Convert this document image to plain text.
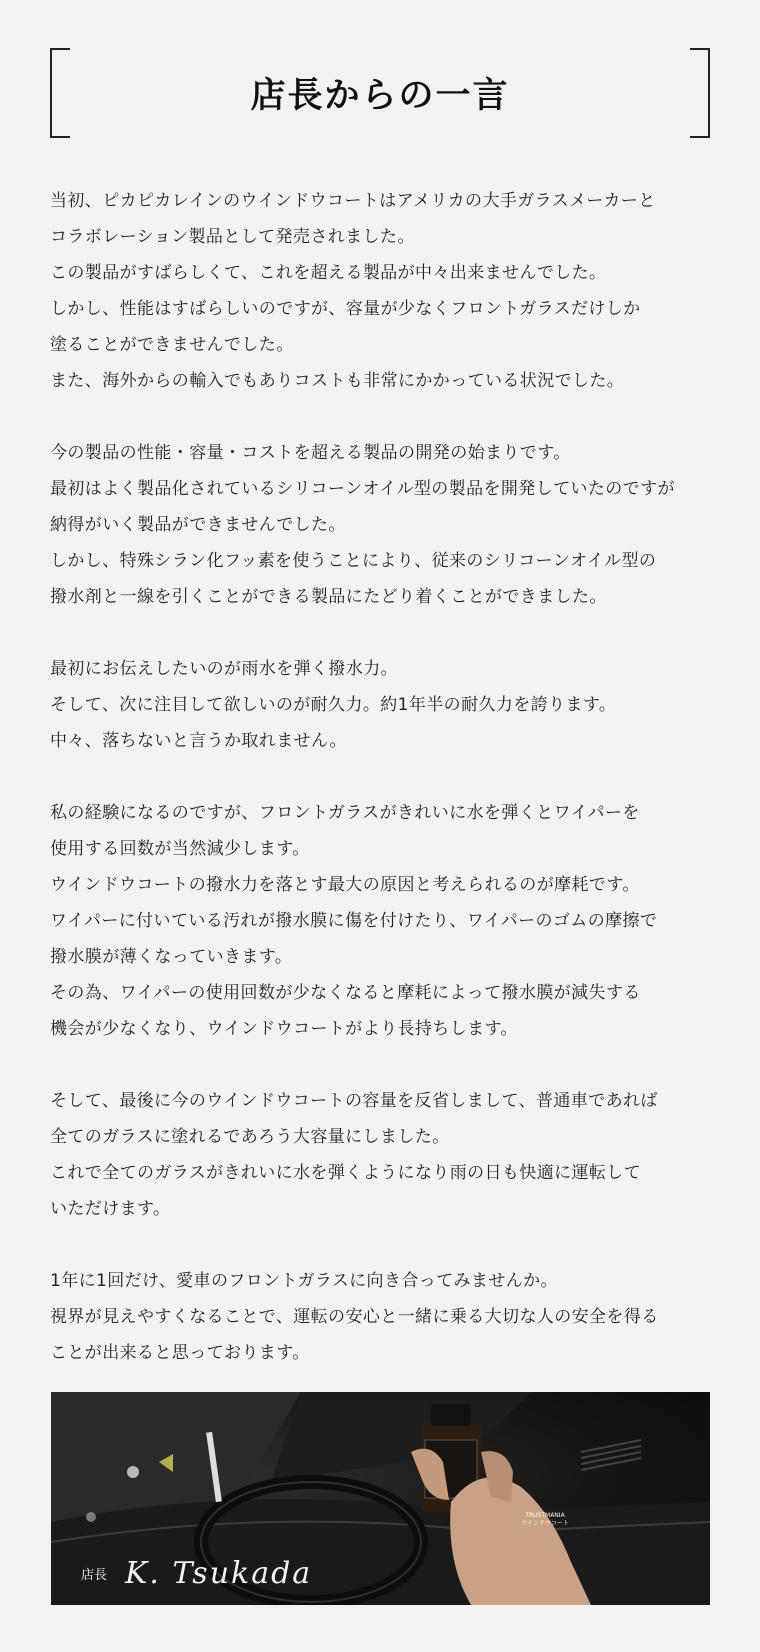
店長からの一言
当初、ピカピカレインのウインドウコートはアメリカの大手ガラスメーカーと
コラボレーション製品として発売されました。
この製品がすばらしくて、これを超える製品が中々出来ませんでした。
しかし、性能はすばらしいのですが、容量が少なくフロントガラスだけしか
塗ることができませんでした。
また、海外からの輸入でもありコストも非常にかかっている状況でした。
今の製品の性能・容量・コストを超える製品の開発の始まりです。
最初はよく製品化されているシリコーンオイル型の製品を開発していたのですが
納得がいく製品ができませんでした。
しかし、特殊シラン化フッ素を使うことにより、従来のシリコーンオイル型の
撥水剤と一線を引くことができる製品にたどり着くことができました。
最初にお伝えしたいのが雨水を弾く撥水力。
そして、次に注目して欲しいのが耐久力。約1年半の耐久力を誇ります。
中々、落ちないと言うか取れません。
私の経験になるのですが、フロントガラスがきれいに水を弾くとワイパーを
使用する回数が当然減少します。
ウインドウコートの撥水力を落とす最大の原因と考えられるのが摩耗です。
ワイパーに付いている汚れが撥水膜に傷を付けたり、ワイパーのゴムの摩擦で
撥水膜が薄くなっていきます。
その為、ワイパーの使用回数が少なくなると摩耗によって撥水膜が減失する
機会が少なくなり、ウインドウコートがより長持ちします。
そして、最後に今のウインドウコートの容量を反省しまして、普通車であれば
全てのガラスに塗れるであろう大容量にしました。
これで全てのガラスがきれいに水を弾くようになり雨の日も快適に運転して
いただけます。
1年に1回だけ、愛車のフロントガラスに向き合ってみませんか。
視界が見えやすくなることで、運転の安心と一緒に乗る大切な人の安全を得る
ことが出来ると思っております。
店長 K. Tsukada
TRUSTMANIA
ウインドウコート
